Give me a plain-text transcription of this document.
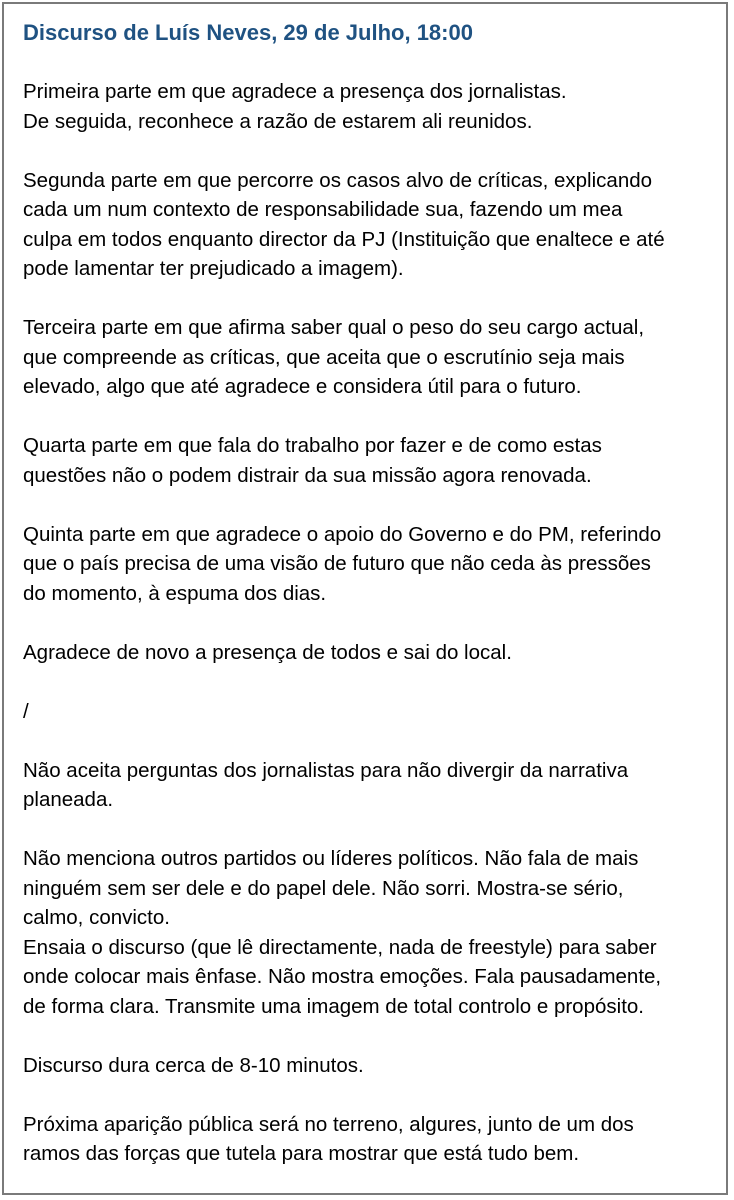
Discurso de Luís Neves, 29 de Julho, 18:00

Primeira parte em que agradece a presença dos jornalistas.
De seguida, reconhece a razão de estarem ali reunidos.

Segunda parte em que percorre os casos alvo de críticas, explicando
cada um num contexto de responsabilidade sua, fazendo um mea
culpa em todos enquanto director da PJ (Instituição que enaltece e até
pode lamentar ter prejudicado a imagem).

Terceira parte em que afirma saber qual o peso do seu cargo actual,
que compreende as críticas, que aceita que o escrutínio seja mais
elevado, algo que até agradece e considera útil para o futuro.

Quarta parte em que fala do trabalho por fazer e de como estas
questões não o podem distrair da sua missão agora renovada.

Quinta parte em que agradece o apoio do Governo e do PM, referindo
que o país precisa de uma visão de futuro que não ceda às pressões
do momento, à espuma dos dias.

Agradece de novo a presença de todos e sai do local.

/

Não aceita perguntas dos jornalistas para não divergir da narrativa
planeada.

Não menciona outros partidos ou líderes políticos. Não fala de mais
ninguém sem ser dele e do papel dele. Não sorri. Mostra-se sério,
calmo, convicto.
Ensaia o discurso (que lê directamente, nada de freestyle) para saber
onde colocar mais ênfase. Não mostra emoções. Fala pausadamente,
de forma clara. Transmite uma imagem de total controlo e propósito.

Discurso dura cerca de 8-10 minutos.

Próxima aparição pública será no terreno, algures, junto de um dos
ramos das forças que tutela para mostrar que está tudo bem.
